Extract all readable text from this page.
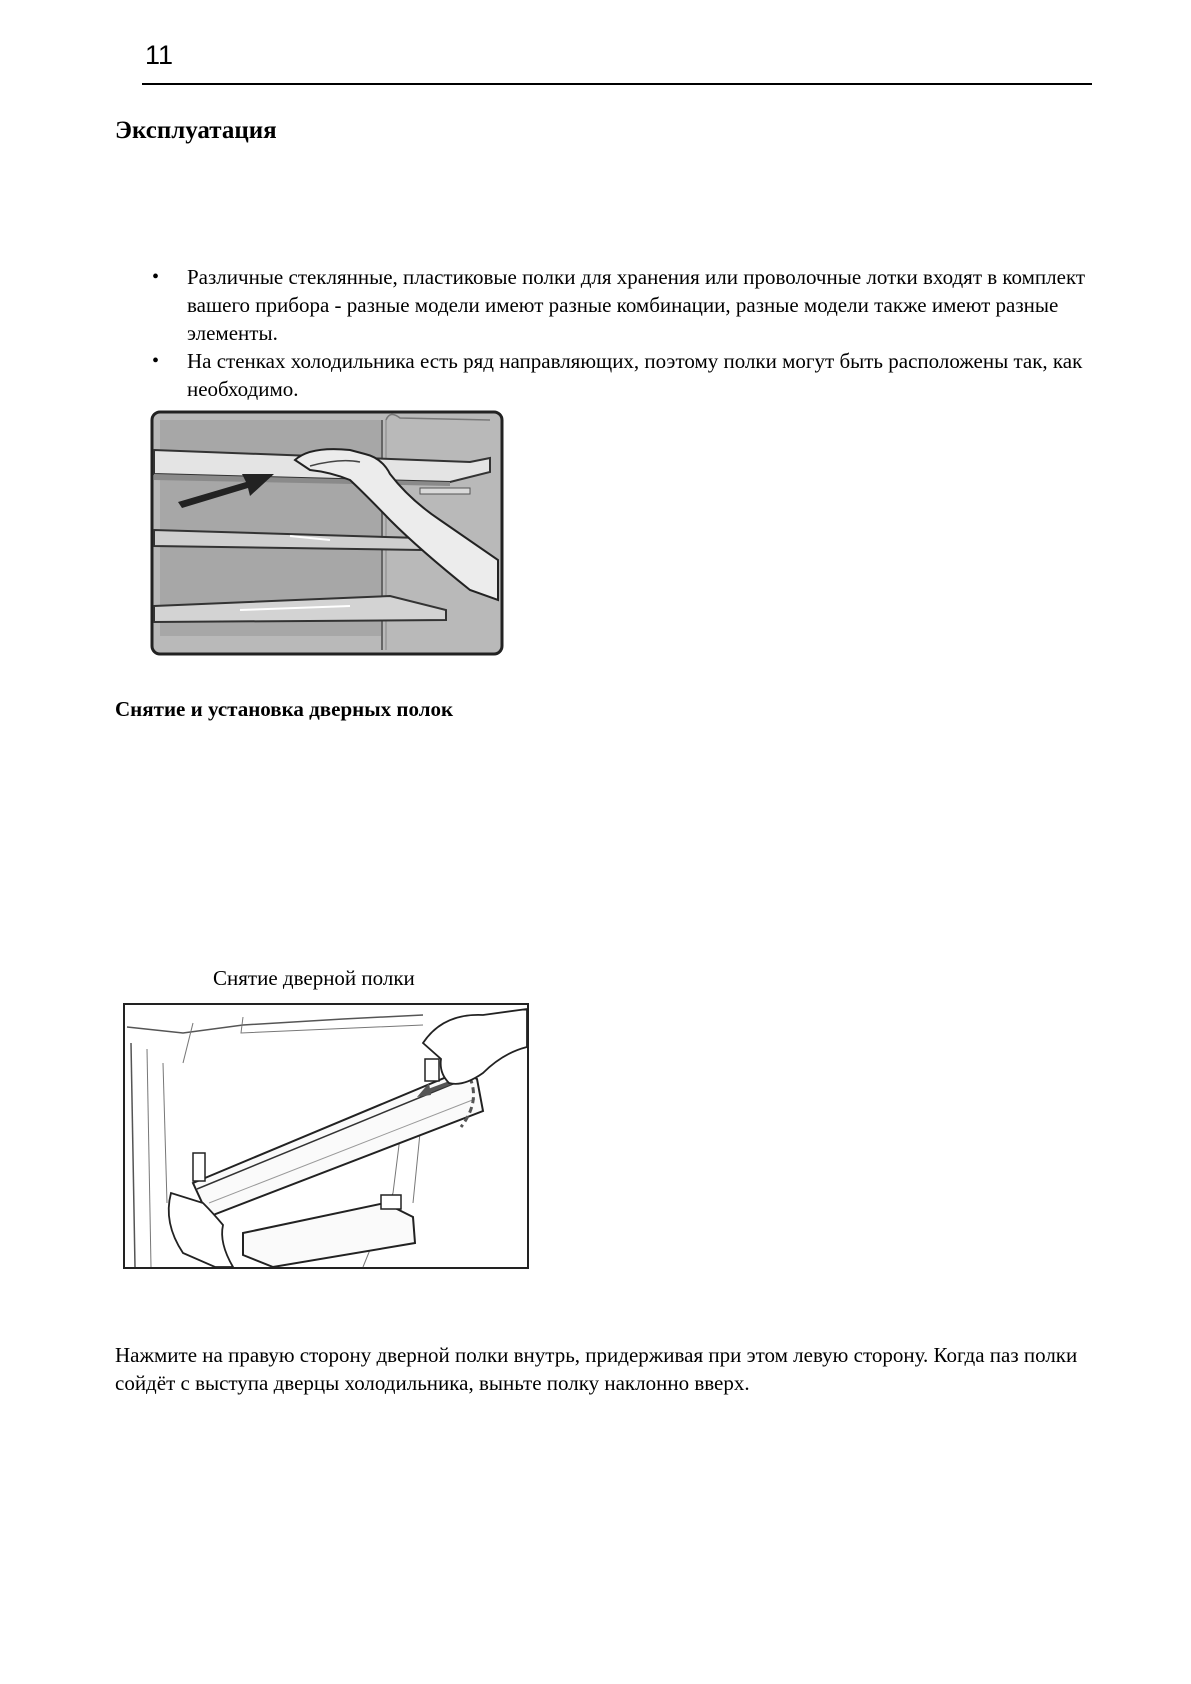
11
Эксплуатация
• Различные стеклянные, пластиковые полки для хранения или проволочные лотки входят в комплект вашего прибора - разные модели имеют разные комбинации, разные модели также имеют разные элементы.
• На стенках холодильника есть ряд направляющих, поэтому полки могут быть расположены так, как необходимо.
Снятие и установка дверных полок
Снятие дверной полки

Нажмите на правую сторону дверной полки внутрь, придерживая при этом левую сторону. Когда паз полки сойдёт с выступа дверцы холодильника, выньте полку наклонно вверх.
